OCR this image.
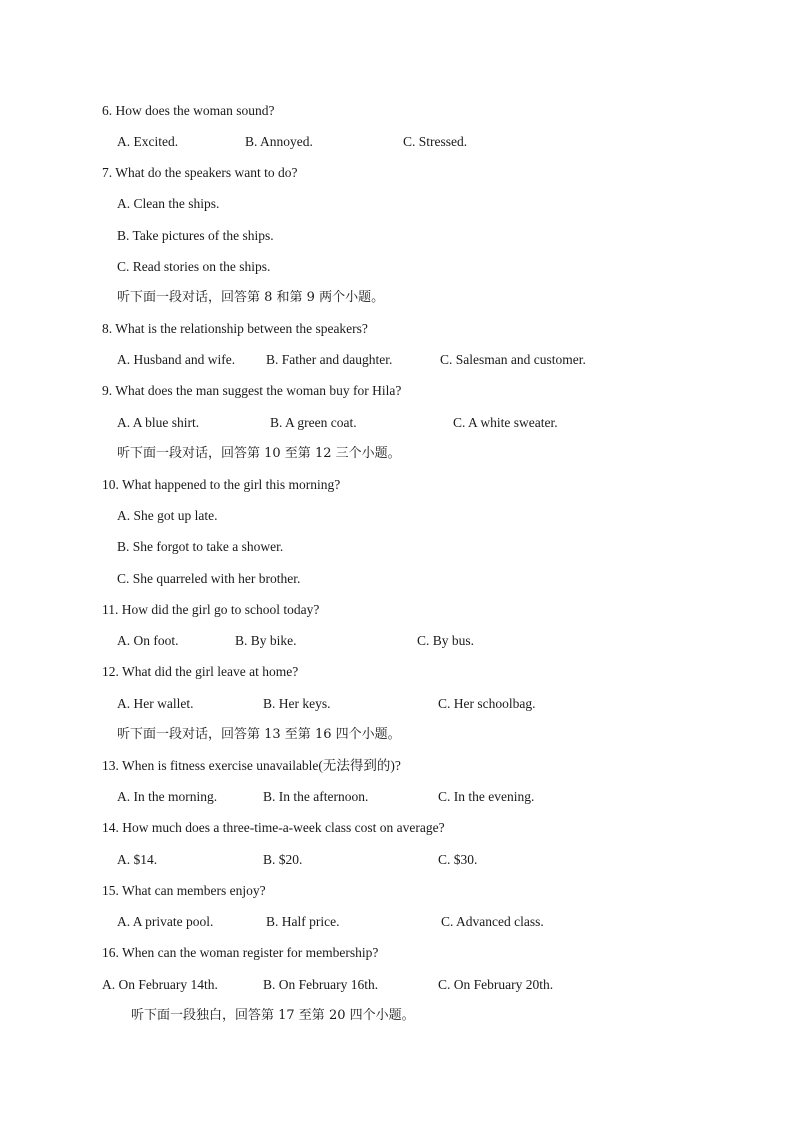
6. How does the woman sound?
A. Excited.	B. Annoyed.	C. Stressed.
7. What do the speakers want to do?
A. Clean the ships.
B. Take pictures of the ships.
C. Read stories on the ships.
听下面一段对话，回答第 8 和第 9 两个小题。
8. What is the relationship between the speakers?
A. Husband and wife. B. Father and daughter.	C. Salesman and customer.
9. What does the man suggest the woman buy for Hila?
A. A blue shirt.	B. A green coat.	C. A white sweater.
听下面一段对话，回答第 10 至第 12 三个小题。
10. What happened to the girl this morning?
A. She got up late.
B. She forgot to take a shower.
C. She quarreled with her brother.
11. How did the girl go to school today?
A. On foot.	B. By bike.	C. By bus.
12. What did the girl leave at home?
A. Her wallet.	B. Her keys.	C. Her schoolbag.
听下面一段对话，回答第 13 至第 16 四个小题。
13. When is fitness exercise unavailable(无法得到的)?
A. In the morning.	B. In the afternoon.	C. In the evening.
14. How much does a three-time-a-week class cost on average?
A. $14.	B. $20.	C. $30.
15. What can members enjoy?
A. A private pool.	B. Half price.	C. Advanced class.
16. When can the woman register for membership?
A. On February 14th.	B. On February 16th.	C. On February 20th.
听下面一段独白，回答第 17 至第 20 四个小题。
